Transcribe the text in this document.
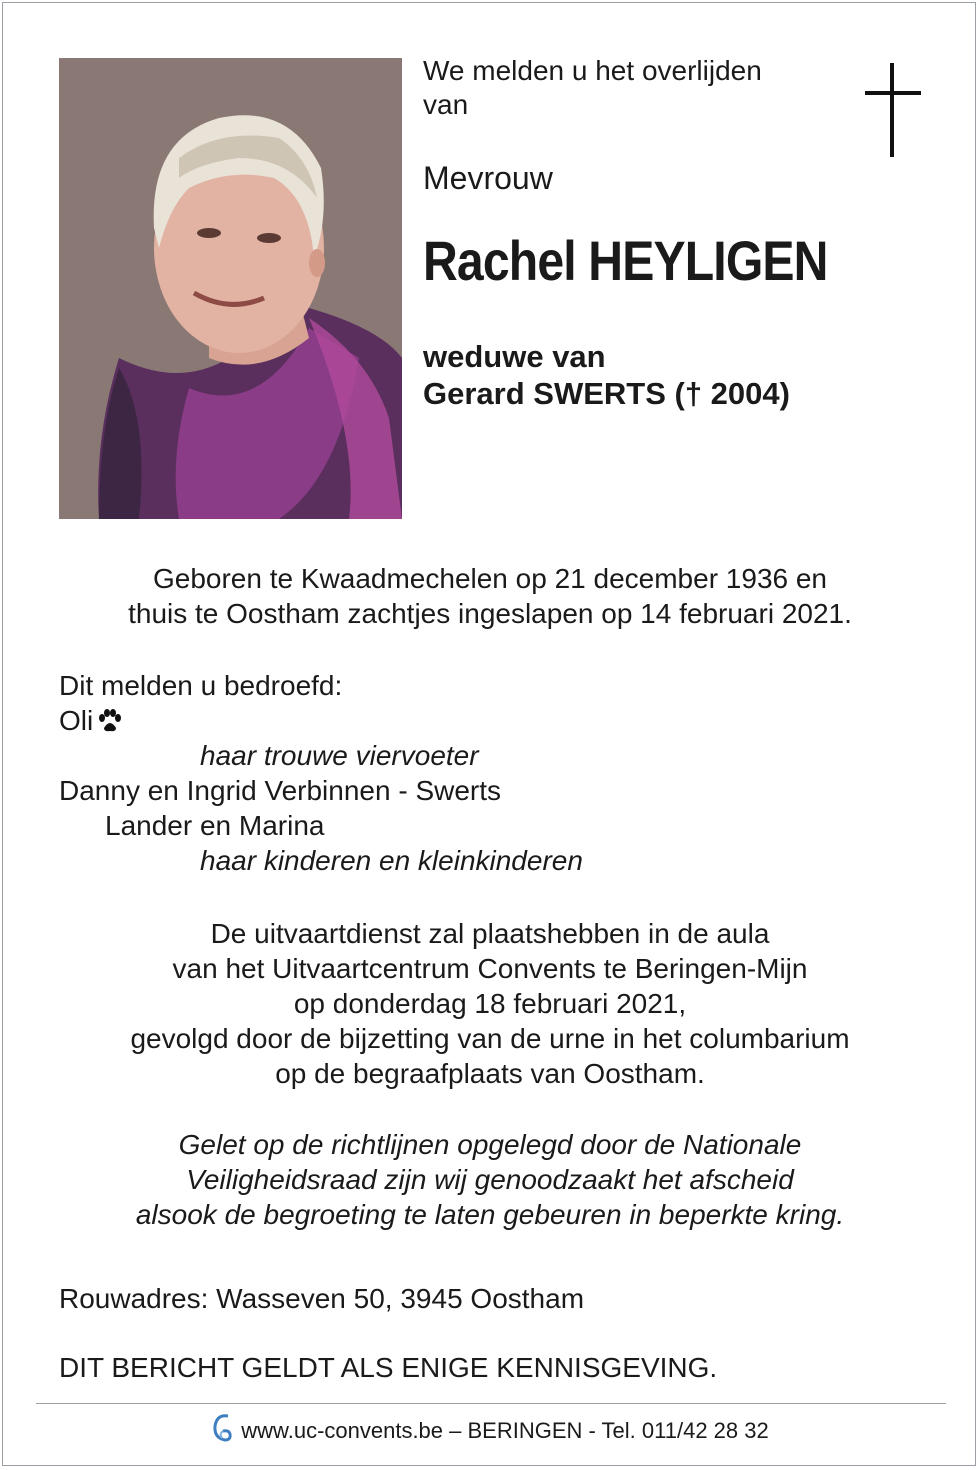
We melden u het overlijden
van
Mevrouw
Rachel HEYLIGEN
weduwe van
Gerard SWERTS († 2004)
Geboren te Kwaadmechelen op 21 december 1936 en
thuis te Oostham zachtjes ingeslapen op 14 februari 2021.
Dit melden u bedroefd:
Oli
haar trouwe viervoeter
Danny en Ingrid Verbinnen - Swerts
Lander en Marina
haar kinderen en kleinkinderen
De uitvaartdienst zal plaatshebben in de aula
van het Uitvaartcentrum Convents te Beringen-Mijn
op donderdag 18 februari 2021,
gevolgd door de bijzetting van de urne in het columbarium
op de begraafplaats van Oostham.
Gelet op de richtlijnen opgelegd door de Nationale
Veiligheidsraad zijn wij genoodzaakt het afscheid
alsook de begroeting te laten gebeuren in beperkte kring.
Rouwadres: Wasseven 50, 3945 Oostham
DIT BERICHT GELDT ALS ENIGE KENNISGEVING.
www.uc-convents.be – BERINGEN - Tel. 011/42 28 32
